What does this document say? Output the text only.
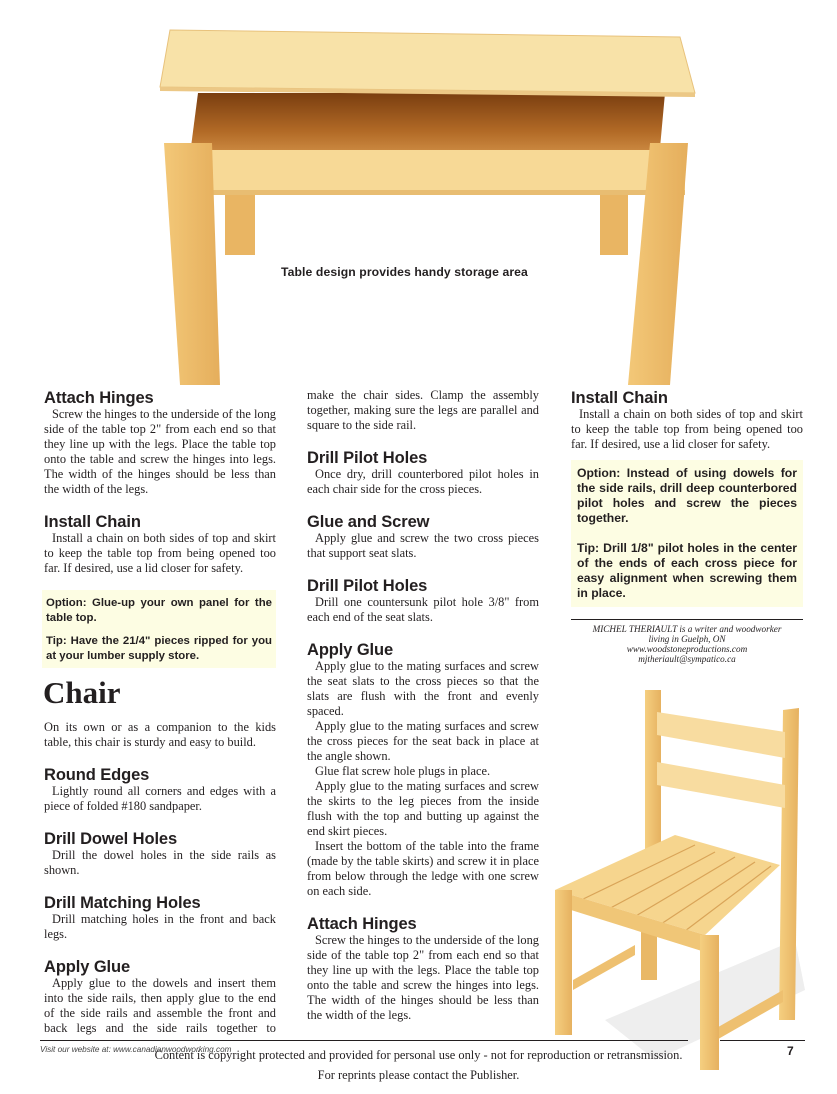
Table design provides handy storage area
Attach Hinges

Screw the hinges to the underside of the long side of the table top 2" from each end so that they line up with the legs. Place the table top onto the table and screw the hinges into legs. The width of the hinges should be less than the width of the legs.

Install Chain

Install a chain on both sides of top and skirt to keep the table top from being opened too far. If desired, use a lid closer for safety.

Option: Glue-up your own panel for the table top.

Tip: Have the 21/4" pieces ripped for you at your lumber supply store.

Chair

On its own or as a companion to the kids table, this chair is sturdy and easy to build.

Round Edges

Lightly round all corners and edges with a piece of folded #180 sandpaper.

Drill Dowel Holes

Drill the dowel holes in the side rails as shown.

Drill Matching Holes

Drill matching holes in the front and back legs.

Apply Glue

Apply glue to the dowels and insert them into the side rails, then apply glue to the end of the side rails and assemble the front and back legs and the side rails together to

make the chair sides. Clamp the assembly together, making sure the legs are parallel and square to the side rail.

Drill Pilot Holes

Once dry, drill counterbored pilot holes in each chair side for the cross pieces.

Glue and Screw

Apply glue and screw the two cross pieces that support seat slats.

Drill Pilot Holes

Drill one countersunk pilot hole 3/8" from each end of the seat slats.

Apply Glue

Apply glue to the mating surfaces and screw the seat slats to the cross pieces so that the slats are flush with the front and evenly spaced.

Apply glue to the mating surfaces and screw the cross pieces for the seat back in place at the angle shown.

Glue flat screw hole plugs in place.

Apply glue to the mating surfaces and screw the skirts to the leg pieces from the inside flush with the top and butting up against the end skirt pieces.

Insert the bottom of the table into the frame (made by the table skirts) and screw it in place from below through the ledge with one screw on each side.

Attach Hinges

Screw the hinges to the underside of the long side of the table top 2" from each end so that they line up with the legs. Place the table top onto the table and screw the hinges into legs. The width of the hinges should be less than the width of the legs.

Install Chain

Install a chain on both sides of top and skirt to keep the table top from being opened too far. If desired, use a lid closer for safety.

Option: Instead of using dowels for the side rails, drill deep counterbored pilot holes and screw the pieces together.

Tip: Drill 1/8" pilot holes in the center of the ends of each cross piece for easy alignment when screwing them in place.

MICHEL THERIAULT is a writer and woodworker
living in Guelph, ON
www.woodstoneproductions.com
mjtheriault@sympatico.ca
Visit our website at: www.canadianwoodworking.com
Content is copyright protected and provided for personal use only - not for reproduction or retransmission.
For reprints please contact the Publisher.
7
